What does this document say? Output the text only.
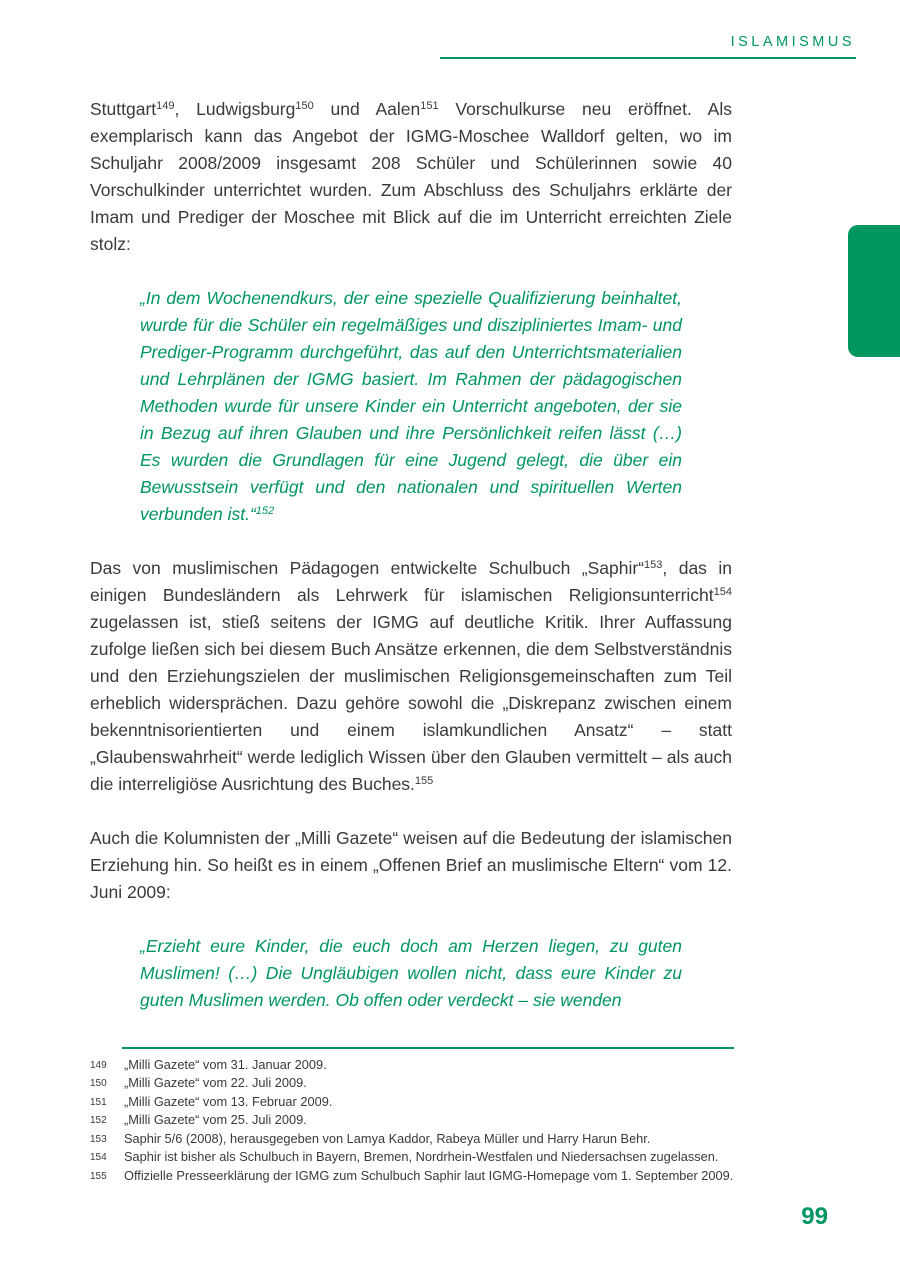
ISLAMISMUS

Stuttgart$^{149}$, Ludwigsburg$^{150}$ und Aalen$^{151}$ Vorschulkurse neu eröffnet. Als exemplarisch kann das Angebot der IGMG-Moschee Walldorf gelten, wo im Schuljahr 2008/2009 insgesamt 208 Schüler und Schülerinnen sowie 40 Vorschulkinder unterrichtet wurden. Zum Abschluss des Schuljahrs erklärte der Imam und Prediger der Moschee mit Blick auf die im Unterricht erreichten Ziele stolz:

„In dem Wochenendkurs, der eine spezielle Qualifizierung beinhaltet, wurde für die Schüler ein regelmäßiges und diszipliniertes Imam- und Prediger-Programm durchgeführt, das auf den Unterrichtsmaterialien und Lehrplänen der IGMG basiert. Im Rahmen der pädagogischen Methoden wurde für unsere Kinder ein Unterricht angeboten, der sie in Bezug auf ihren Glauben und ihre Persönlichkeit reifen lässt (…) Es wurden die Grundlagen für eine Jugend gelegt, die über ein Bewusstsein verfügt und den nationalen und spirituellen Werten verbunden ist.“$^{152}$

Das von muslimischen Pädagogen entwickelte Schulbuch „Saphir“$^{153}$, das in einigen Bundesländern als Lehrwerk für islamischen Religionsunterricht$^{154}$ zugelassen ist, stieß seitens der IGMG auf deutliche Kritik. Ihrer Auffassung zufolge ließen sich bei diesem Buch Ansätze erkennen, die dem Selbstverständnis und den Erziehungszielen der muslimischen Religionsgemeinschaften zum Teil erheblich widersprächen. Dazu gehöre sowohl die „Diskrepanz zwischen einem bekenntnisorientierten und einem islamkundlichen Ansatz“ – statt „Glaubenswahrheit“ werde lediglich Wissen über den Glauben vermittelt – als auch die interreligiöse Ausrichtung des Buches.$^{155}$

Auch die Kolumnisten der „Milli Gazete“ weisen auf die Bedeutung der islamischen Erziehung hin. So heißt es in einem „Offenen Brief an muslimische Eltern“ vom 12. Juni 2009:

„Erzieht eure Kinder, die euch doch am Herzen liegen, zu guten Muslimen! (…) Die Ungläubigen wollen nicht, dass eure Kinder zu guten Muslimen werden. Ob offen oder verdeckt – sie wenden
149	„Milli Gazete“ vom 31. Januar 2009.
150	„Milli Gazete“ vom 22. Juli 2009.
151	„Milli Gazete“ vom 13. Februar 2009.
152	„Milli Gazete“ vom 25. Juli 2009.
153	Saphir 5/6 (2008), herausgegeben von Lamya Kaddor, Rabeya Müller und Harry Harun Behr.
154	Saphir ist bisher als Schulbuch in Bayern, Bremen, Nordrhein-Westfalen und Niedersachsen zugelassen.
155	Offizielle Presseerklärung der IGMG zum Schulbuch Saphir laut IGMG-Homepage vom 1. September 2009.
99
